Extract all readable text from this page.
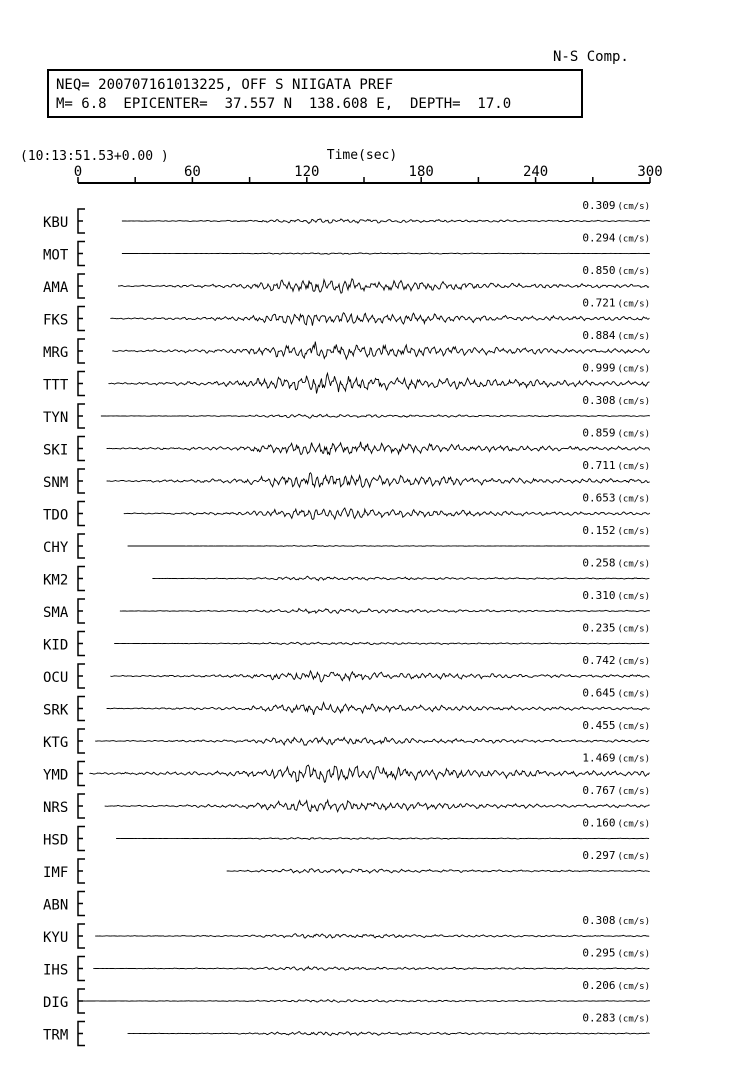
N-S Comp.
NEQ= 200707161013225, OFF S NIIGATA PREF
M= 6.8  EPICENTER=  37.557 N  138.608 E,  DEPTH=  17.0
(10:13:51.53+0.00 )	Time(sec)
0	60	120	180	240	300
KBU
0.309 (cm/s)
MOT
0.294 (cm/s)
AMA
0.850 (cm/s)
FKS
0.721 (cm/s)
MRG
0.884 (cm/s)
TTT
0.999 (cm/s)
TYN
0.308 (cm/s)
SKI
0.859 (cm/s)
SNM
0.711 (cm/s)
TDO
0.653 (cm/s)
CHY
0.152 (cm/s)
KM2
0.258 (cm/s)
SMA
0.310 (cm/s)
KID
0.235 (cm/s)
OCU
0.742 (cm/s)
SRK
0.645 (cm/s)
KTG
0.455 (cm/s)
YMD
1.469 (cm/s)
NRS
0.767 (cm/s)
HSD
0.160 (cm/s)
IMF
0.297 (cm/s)
ABN
KYU
0.308 (cm/s)
IHS
0.295 (cm/s)
DIG
0.206 (cm/s)
TRM
0.283 (cm/s)
